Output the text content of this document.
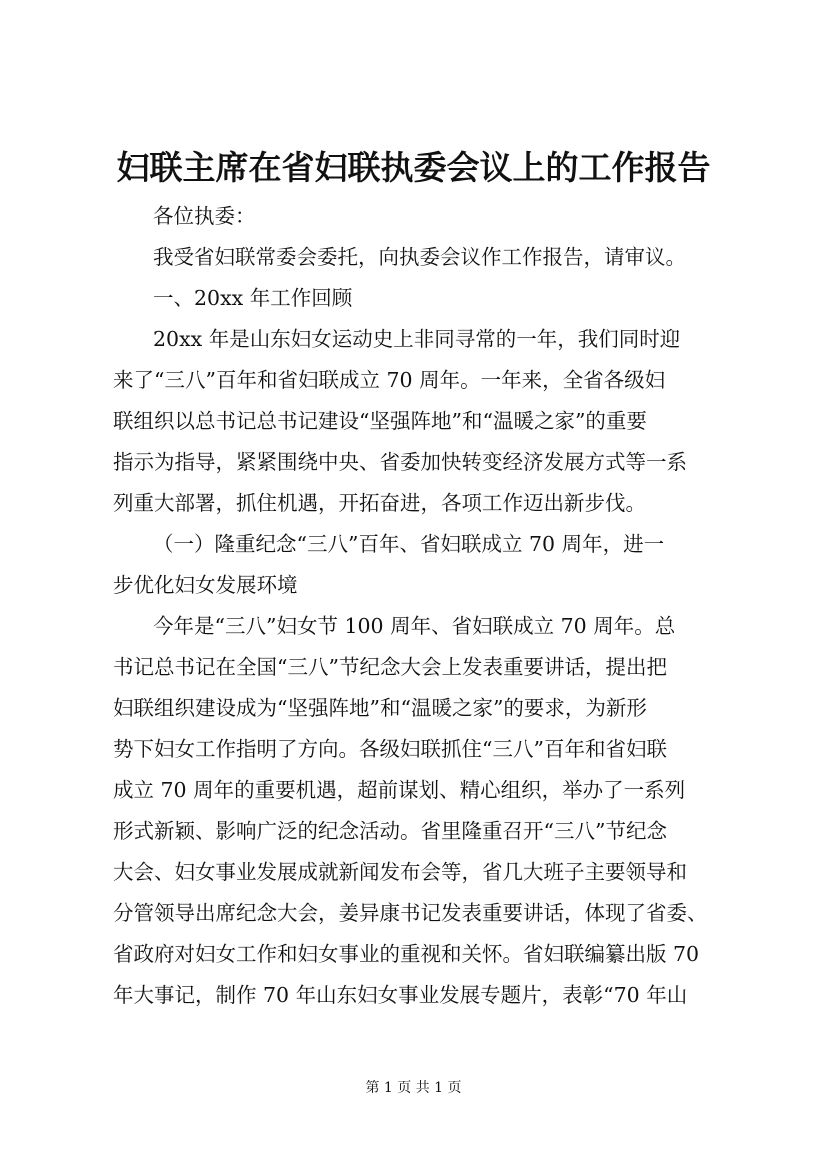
妇联主席在省妇联执委会议上的工作报告

各位执委：

我受省妇联常委会委托，向执委会议作工作报告，请审议。

一、20xx 年工作回顾

20xx 年是山东妇女运动史上非同寻常的一年，我们同时迎

来了“三八”百年和省妇联成立 70 周年。一年来，全省各级妇

联组织以总书记总书记建设“坚强阵地”和“温暖之家”的重要

指示为指导，紧紧围绕中央、省委加快转变经济发展方式等一系

列重大部署，抓住机遇，开拓奋进，各项工作迈出新步伐。

（一）隆重纪念“三八”百年、省妇联成立 70 周年，进一

步优化妇女发展环境

今年是“三八”妇女节 100 周年、省妇联成立 70 周年。总

书记总书记在全国“三八”节纪念大会上发表重要讲话，提出把

妇联组织建设成为“坚强阵地”和“温暖之家”的要求，为新形

势下妇女工作指明了方向。各级妇联抓住“三八”百年和省妇联

成立 70 周年的重要机遇，超前谋划、精心组织，举办了一系列

形式新颖、影响广泛的纪念活动。省里隆重召开“三八”节纪念

大会、妇女事业发展成就新闻发布会等，省几大班子主要领导和

分管领导出席纪念大会，姜异康书记发表重要讲话，体现了省委、

省政府对妇女工作和妇女事业的重视和关怀。省妇联编纂出版 70

年大事记，制作 70 年山东妇女事业发展专题片，表彰“70 年山

第 1 页 共 1 页
